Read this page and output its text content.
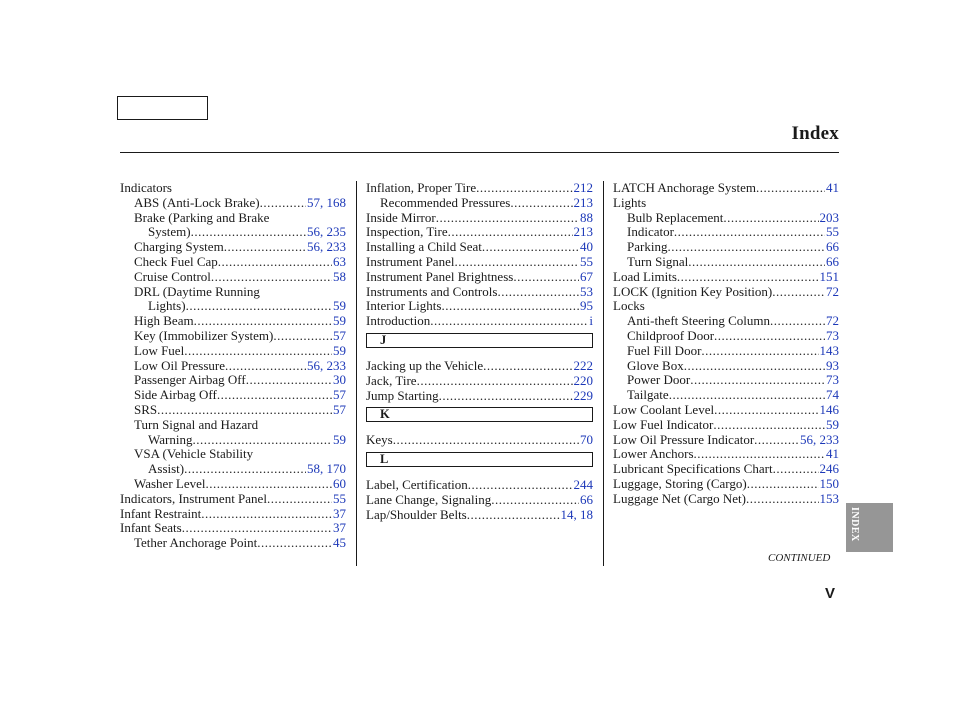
Index
Indicators
ABS (Anti-Lock Brake) .....	57, 168
Brake (Parking and Brake
System) .....	56, 235
Charging System .....	56, 233
Check Fuel Cap .....	63
Cruise Control .....	58
DRL (Daytime Running
Lights) .....	59
High Beam .....	59
Key (Immobilizer System) .....	57
Low Fuel .....	59
Low Oil Pressure .....	56, 233
Passenger Airbag Off .....	30
Side Airbag Off .....	57
SRS .....	57
Turn Signal and Hazard
Warning .....	59
VSA (Vehicle Stability
Assist) .....	58, 170
Washer Level .....	60
Indicators, Instrument Panel .....	55
Infant Restraint .....	37
Infant Seats .....	37
Tether Anchorage Point .....	45
Inflation, Proper Tire .....	212
Recommended Pressures .....	213
Inside Mirror .....	88
Inspection, Tire .....	213
Installing a Child Seat .....	40
Instrument Panel .....	55
Instrument Panel Brightness .....	67
Instruments and Controls .....	53
Interior Lights .....	95
Introduction .....	i
J
Jacking up the Vehicle .....	222
Jack, Tire .....	220
Jump Starting .....	229
K
Keys .....	70
L
Label, Certification .....	244
Lane Change, Signaling .....	66
Lap/Shoulder Belts .....	14, 18
LATCH Anchorage System .....	41
Lights
Bulb Replacement .....	203
Indicator .....	55
Parking .....	66
Turn Signal .....	66
Load Limits .....	151
LOCK (Ignition Key Position) .....	72
Locks
Anti-theft Steering Column .....	72
Childproof Door .....	73
Fuel Fill Door .....	143
Glove Box .....	93
Power Door .....	73
Tailgate .....	74
Low Coolant Level .....	146
Low Fuel Indicator .....	59
Low Oil Pressure Indicator .....	56, 233
Lower Anchors .....	41
Lubricant Specifications Chart .....	246
Luggage, Storing (Cargo) .....	150
Luggage Net (Cargo Net) .....	153
CONTINUED
V
INDEX
